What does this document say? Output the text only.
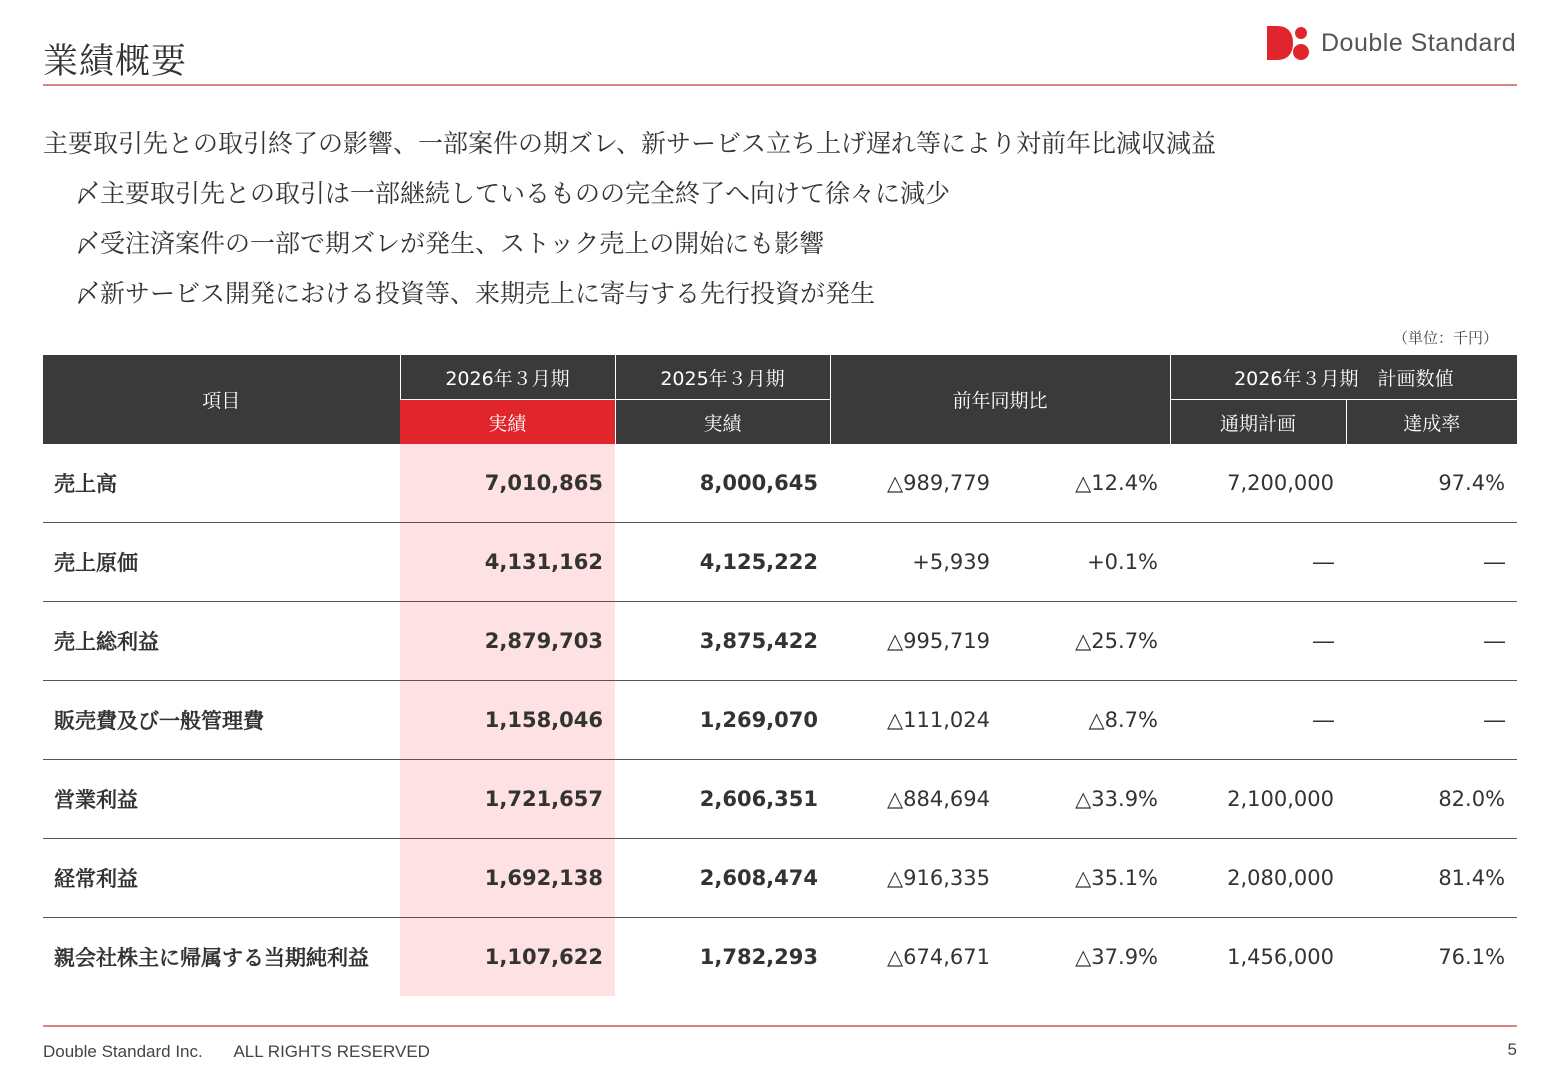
業績概要	Double Standard
主要取引先との取引終了の影響、一部案件の期ズレ、新サービス立ち上げ遅れ等により対前年比減収減益
〆主要取引先との取引は一部継続しているものの完全終了へ向けて徐々に減少
〆受注済案件の一部で期ズレが発生、ストック売上の開始にも影響
〆新サービス開発における投資等、来期売上に寄与する先行投資が発生
（単位：千円）
項目	2026年３月期	2025年３月期	前年同期比		2026年３月期　計画数値	
	実績	実績			通期計画	達成率
売上高	7,010,865	8,000,645	△989,779	△12.4%	7,200,000	97.4%
売上原価	4,131,162	4,125,222	+5,939	+0.1%	―	―
売上総利益	2,879,703	3,875,422	△995,719	△25.7%	―	―
販売費及び一般管理費	1,158,046	1,269,070	△111,024	△8.7%	―	―
営業利益	1,721,657	2,606,351	△884,694	△33.9%	2,100,000	82.0%
経常利益	1,692,138	2,608,474	△916,335	△35.1%	2,080,000	81.4%
親会社株主に帰属する当期純利益	1,107,622	1,782,293	△674,671	△37.9%	1,456,000	76.1%
Double Standard Inc. ALL RIGHTS RESERVED	5
